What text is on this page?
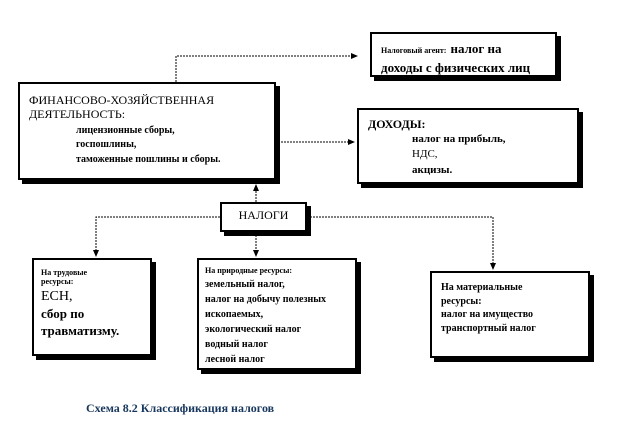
Налоговый агент: налог на
доходы с физических лиц
ФИНАНСОВО-ХОЗЯЙСТВЕННАЯ
ДЕЯТЕЛЬНОСТЬ:
лицензионные сборы,
госпошлины,
таможенные пошлины и сборы.
ДОХОДЫ:
налог на прибыль,
НДС,
акцизы.
НАЛОГИ
На трудовые
ресурсы:
ЕСН,
сбор по
травматизму.
На природные ресурсы:
земельный налог,
налог на добычу полезных
ископаемых,
экологический налог
водный налог
лесной налог
На материальные
ресурсы:
налог на имущество
транспортный налог
Схема 8.2 Классификация налогов
